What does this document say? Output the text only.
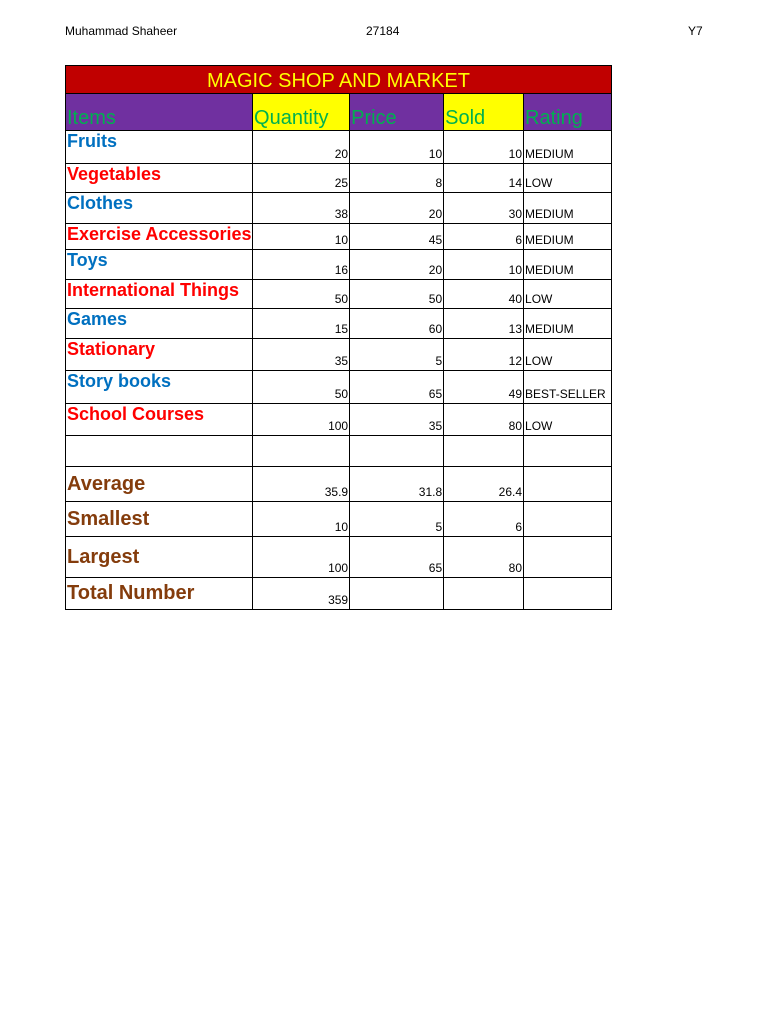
Muhammad Shaheer	27184	Y7
MAGIC SHOP AND MARKET				
Items	Quantity	Price	Sold	Rating
Fruits	20	10	10	MEDIUM
Vegetables	25	8	14	LOW
Clothes	38	20	30	MEDIUM
Exercise Accessories	10	45	6	MEDIUM
Toys	16	20	10	MEDIUM
International Things	50	50	40	LOW
Games	15	60	13	MEDIUM
Stationary	35	5	12	LOW
Story books	50	65	49	BEST-SELLER
School Courses	100	35	80	LOW

Average	35.9	31.8	26.4	
Smallest	10	5	6	
Largest	100	65	80	
Total Number	359			
